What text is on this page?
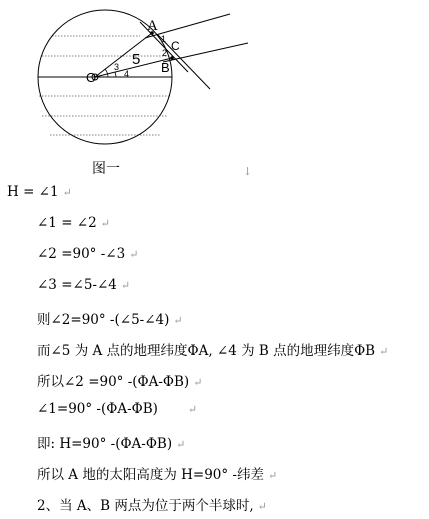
A
C
B
O
5
1
2
3
4
图一	↓
H = ∠1 ↵
∠1 = ∠2 ↵
∠2 =90° -∠3 ↵
∠3 =∠5-∠4 ↵
则∠2=90° -(∠5-∠4) ↵
而∠5 为 A 点的地理纬度ΦA, ∠4 为 B 点的地理纬度ΦB ↵
所以∠2 =90° -(ΦA-ΦB) ↵
∠1=90° -(ΦA-ΦB)	↵
即: H=90° -(ΦA-ΦB) ↵
所以 A 地的太阳高度为 H=90° -纬差 ↵
2、当 A、B 两点为位于两个半球时, ↵
